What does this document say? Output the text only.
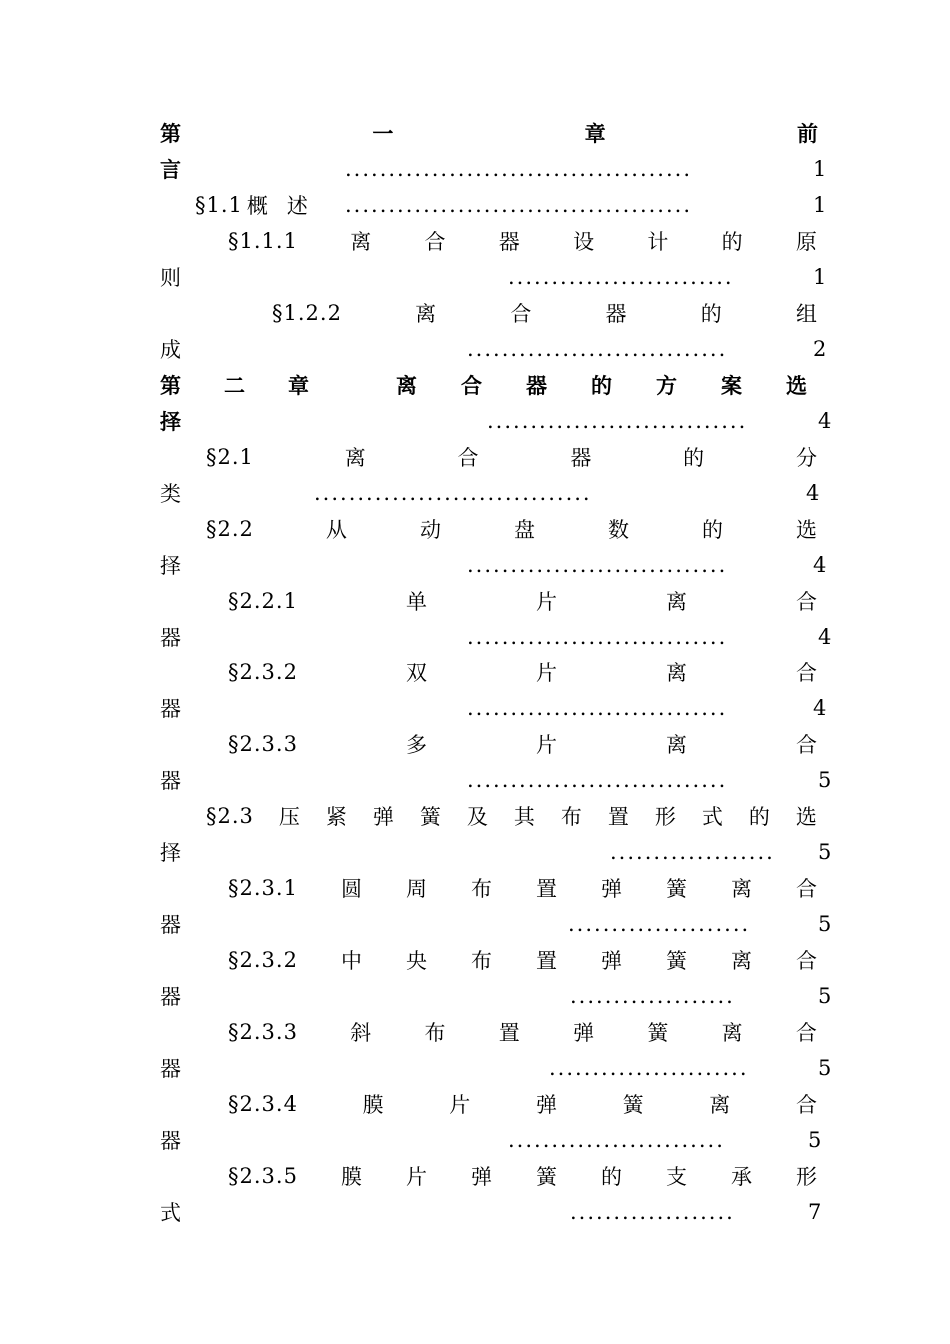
第	一	章	前
言	........................................	1
§1.1 概 述 ........................................	1
§1.1.1 离 合 器 设 计 的 原
则	..........................	1
§1.2.2	离	合	器	的	组
成	..............................	2
第 二 章	离 合 器 的 方 案 选
择	..............................	4
§2.1	离	合	器	的	分
类	................................	4
§2.2	从	动	盘	数	的	选
择	..............................	4
§2.2.1	单	片	离	合
器	..............................	4
§2.3.2	双	片	离	合
器	..............................	4
§2.3.3	多	片	离	合
器	..............................	5
§2.3 压 紧 弹 簧 及 其 布 置 形 式 的 选
择	...................	5
§2.3.1 圆 周 布 置 弹 簧 离 合
器	.....................	5
§2.3.2 中 央 布 置 弹 簧 离 合
器	...................	5
§2.3.3 斜 布 置 弹 簧 离 合
器	.......................	5
§2.3.4	膜	片	弹	簧	离	合
器	.........................	5
§2.3.5 膜 片 弹 簧 的 支 承 形
式	...................	7
